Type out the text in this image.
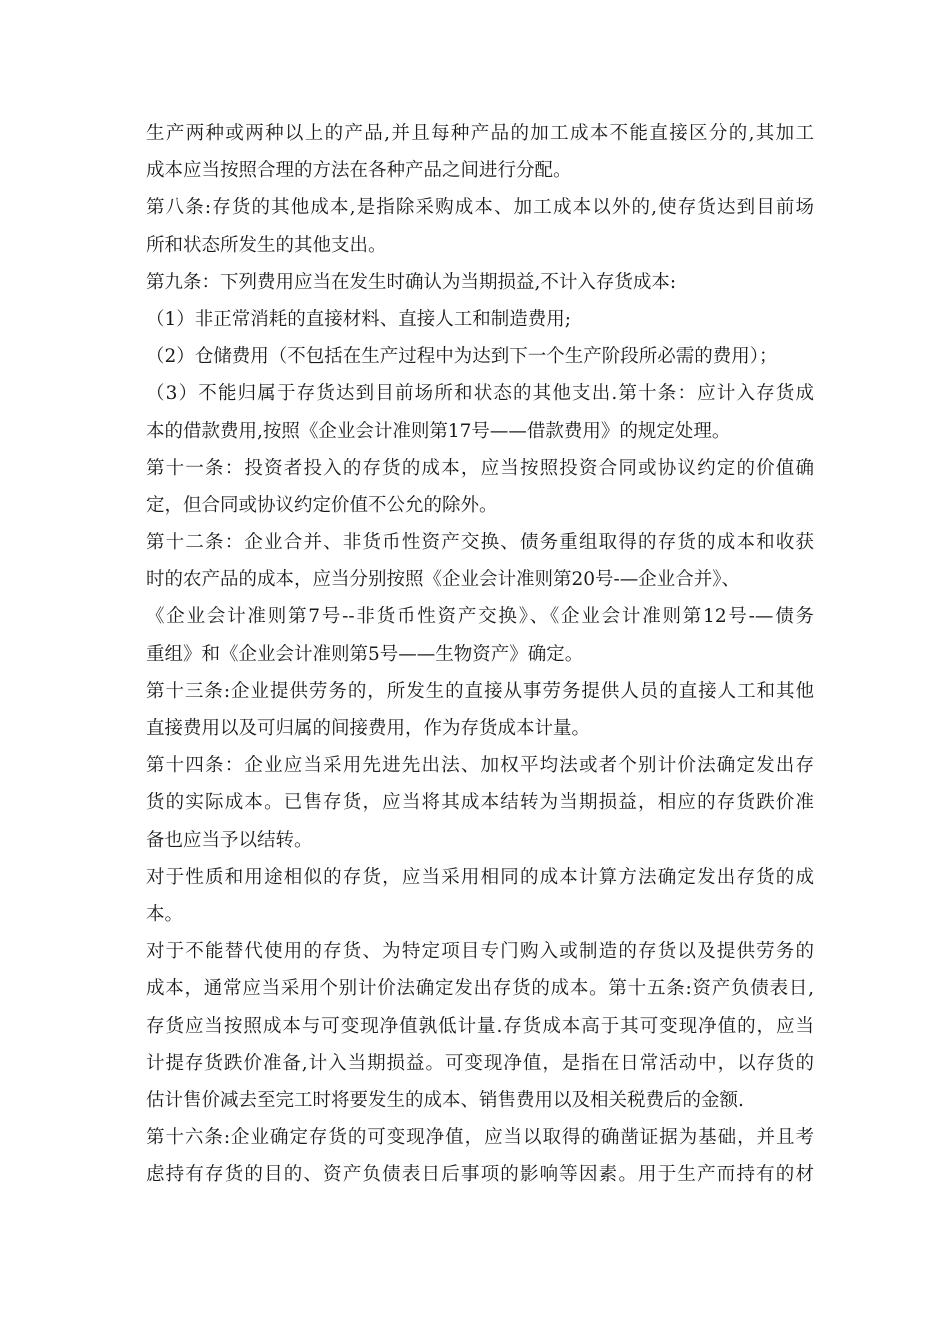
生产两种或两种以上的产品,并且每种产品的加工成本不能直接区分的,其加工
成本应当按照合理的方法在各种产品之间进行分配。
第八条:存货的其他成本,是指除采购成本、加工成本以外的,使存货达到目前场
所和状态所发生的其他支出。
第九条：下列费用应当在发生时确认为当期损益,不计入存货成本:
（1）非正常消耗的直接材料、直接人工和制造费用;
（2）仓储费用（不包括在生产过程中为达到下一个生产阶段所必需的费用）；
（3）不能归属于存货达到目前场所和状态的其他支出.第十条：应计入存货成
本的借款费用,按照《企业会计准则第17号——借款费用》的规定处理。
第十一条：投资者投入的存货的成本，应当按照投资合同或协议约定的价值确
定，但合同或协议约定价值不公允的除外。
第十二条：企业合并、非货币性资产交换、债务重组取得的存货的成本和收获
时的农产品的成本，应当分别按照《企业会计准则第20号-—企业合并》、
《企业会计准则第7号--非货币性资产交换》、《企业会计准则第12号-—债务
重组》和《企业会计准则第5号——生物资产》确定。
第十三条:企业提供劳务的，所发生的直接从事劳务提供人员的直接人工和其他
直接费用以及可归属的间接费用，作为存货成本计量。
第十四条：企业应当采用先进先出法、加权平均法或者个别计价法确定发出存
货的实际成本。已售存货，应当将其成本结转为当期损益，相应的存货跌价准
备也应当予以结转。
对于性质和用途相似的存货，应当采用相同的成本计算方法确定发出存货的成
本。
对于不能替代使用的存货、为特定项目专门购入或制造的存货以及提供劳务的
成本，通常应当采用个别计价法确定发出存货的成本。第十五条:资产负债表日,
存货应当按照成本与可变现净值孰低计量.存货成本高于其可变现净值的，应当
计提存货跌价准备,计入当期损益。可变现净值，是指在日常活动中，以存货的
估计售价减去至完工时将要发生的成本、销售费用以及相关税费后的金额.
第十六条:企业确定存货的可变现净值，应当以取得的确凿证据为基础，并且考
虑持有存货的目的、资产负债表日后事项的影响等因素。用于生产而持有的材
